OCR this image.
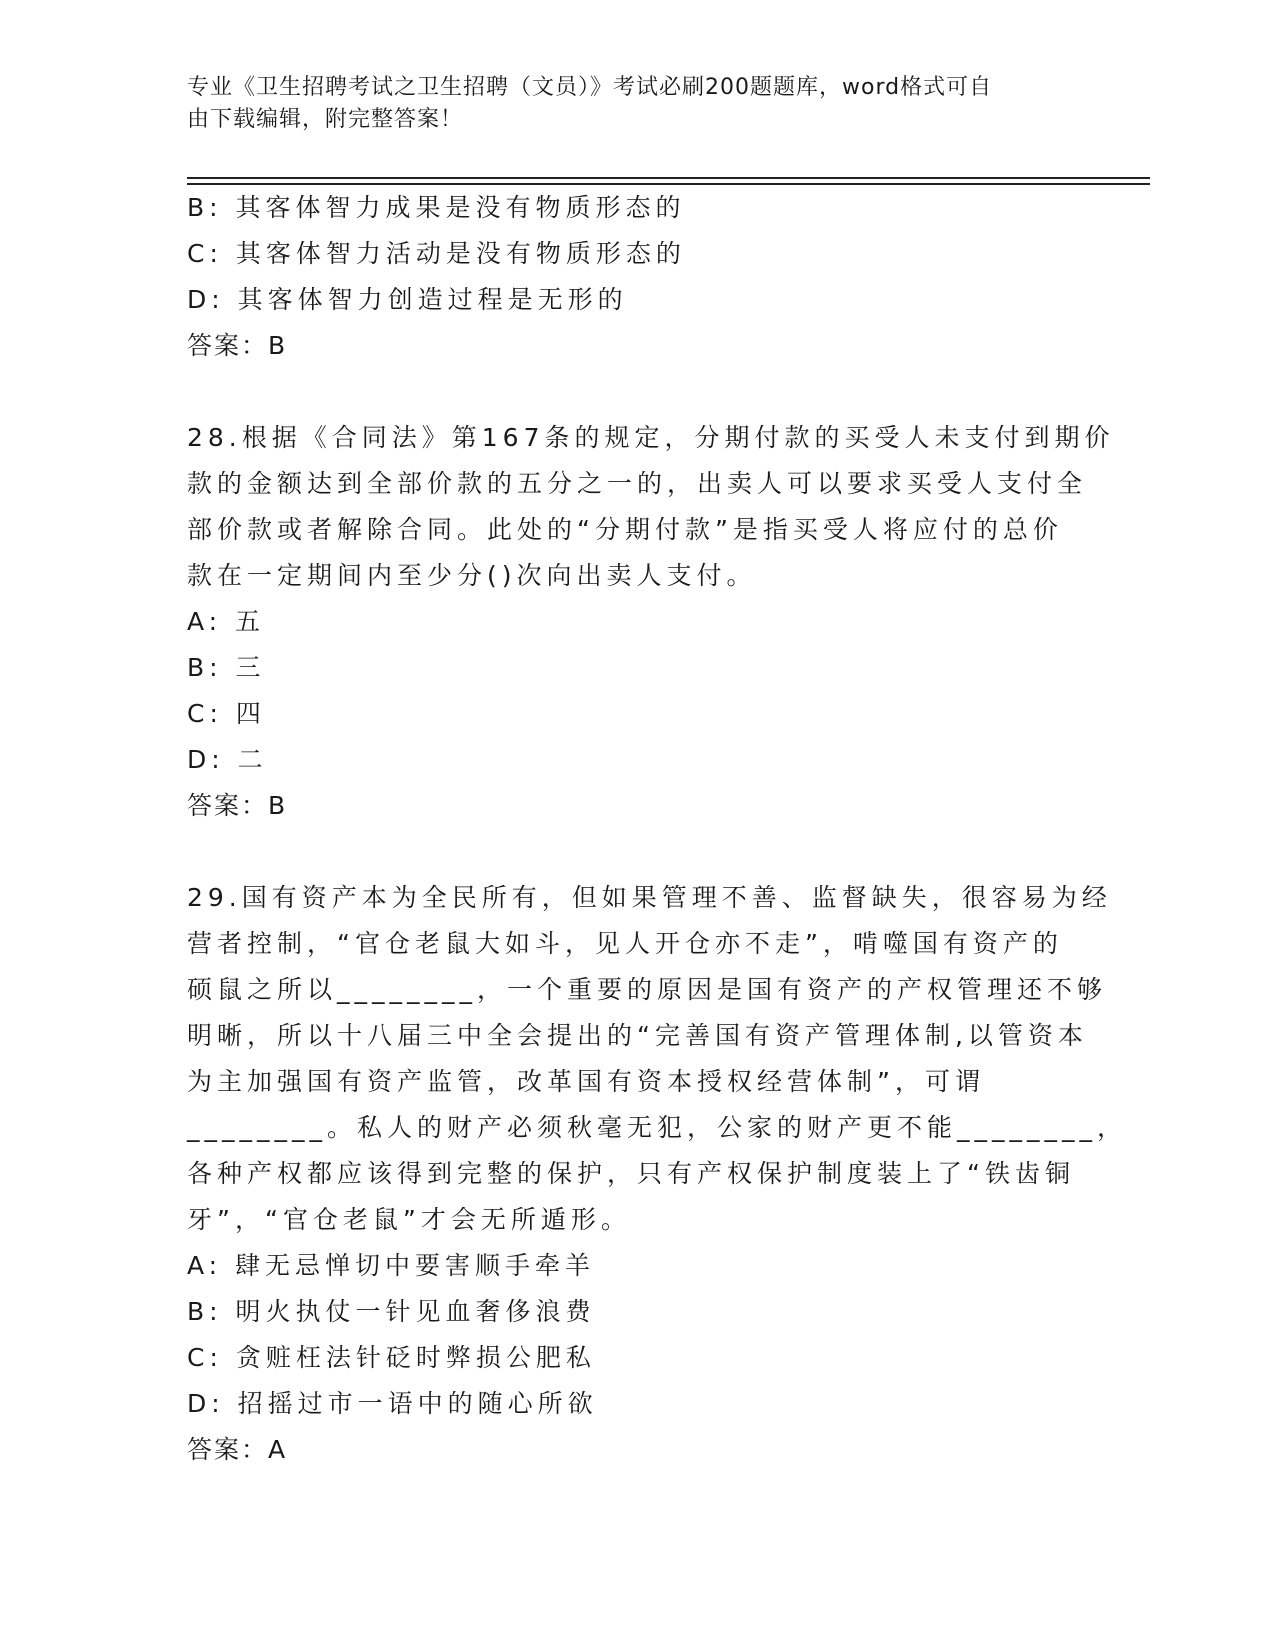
专业《卫生招聘考试之卫生招聘（文员）》考试必刷200题题库，word格式可自
由下载编辑，附完整答案！
B: 其客体智力成果是没有物质形态的
C: 其客体智力活动是没有物质形态的
D: 其客体智力创造过程是无形的
答案：B
28.根据《合同法》第167条的规定，分期付款的买受人未支付到期价
款的金额达到全部价款的五分之一的，出卖人可以要求买受人支付全
部价款或者解除合同。此处的“分期付款”是指买受人将应付的总价
款在一定期间内至少分()次向出卖人支付。
A: 五
B: 三
C: 四
D: 二
答案：B
29.国有资产本为全民所有，但如果管理不善、监督缺失，很容易为经
营者控制，“官仓老鼠大如斗，见人开仓亦不走”，啃噬国有资产的
硕鼠之所以________，一个重要的原因是国有资产的产权管理还不够
明晰，所以十八届三中全会提出的“完善国有资产管理体制,以管资本
为主加强国有资产监管，改革国有资本授权经营体制”，可谓
________。私人的财产必须秋毫无犯，公家的财产更不能________，
各种产权都应该得到完整的保护，只有产权保护制度装上了“铁齿铜
牙”，“官仓老鼠”才会无所遁形。
A: 肆无忌惮切中要害顺手牵羊
B: 明火执仗一针见血奢侈浪费
C: 贪赃枉法针砭时弊损公肥私
D: 招摇过市一语中的随心所欲
答案：A
